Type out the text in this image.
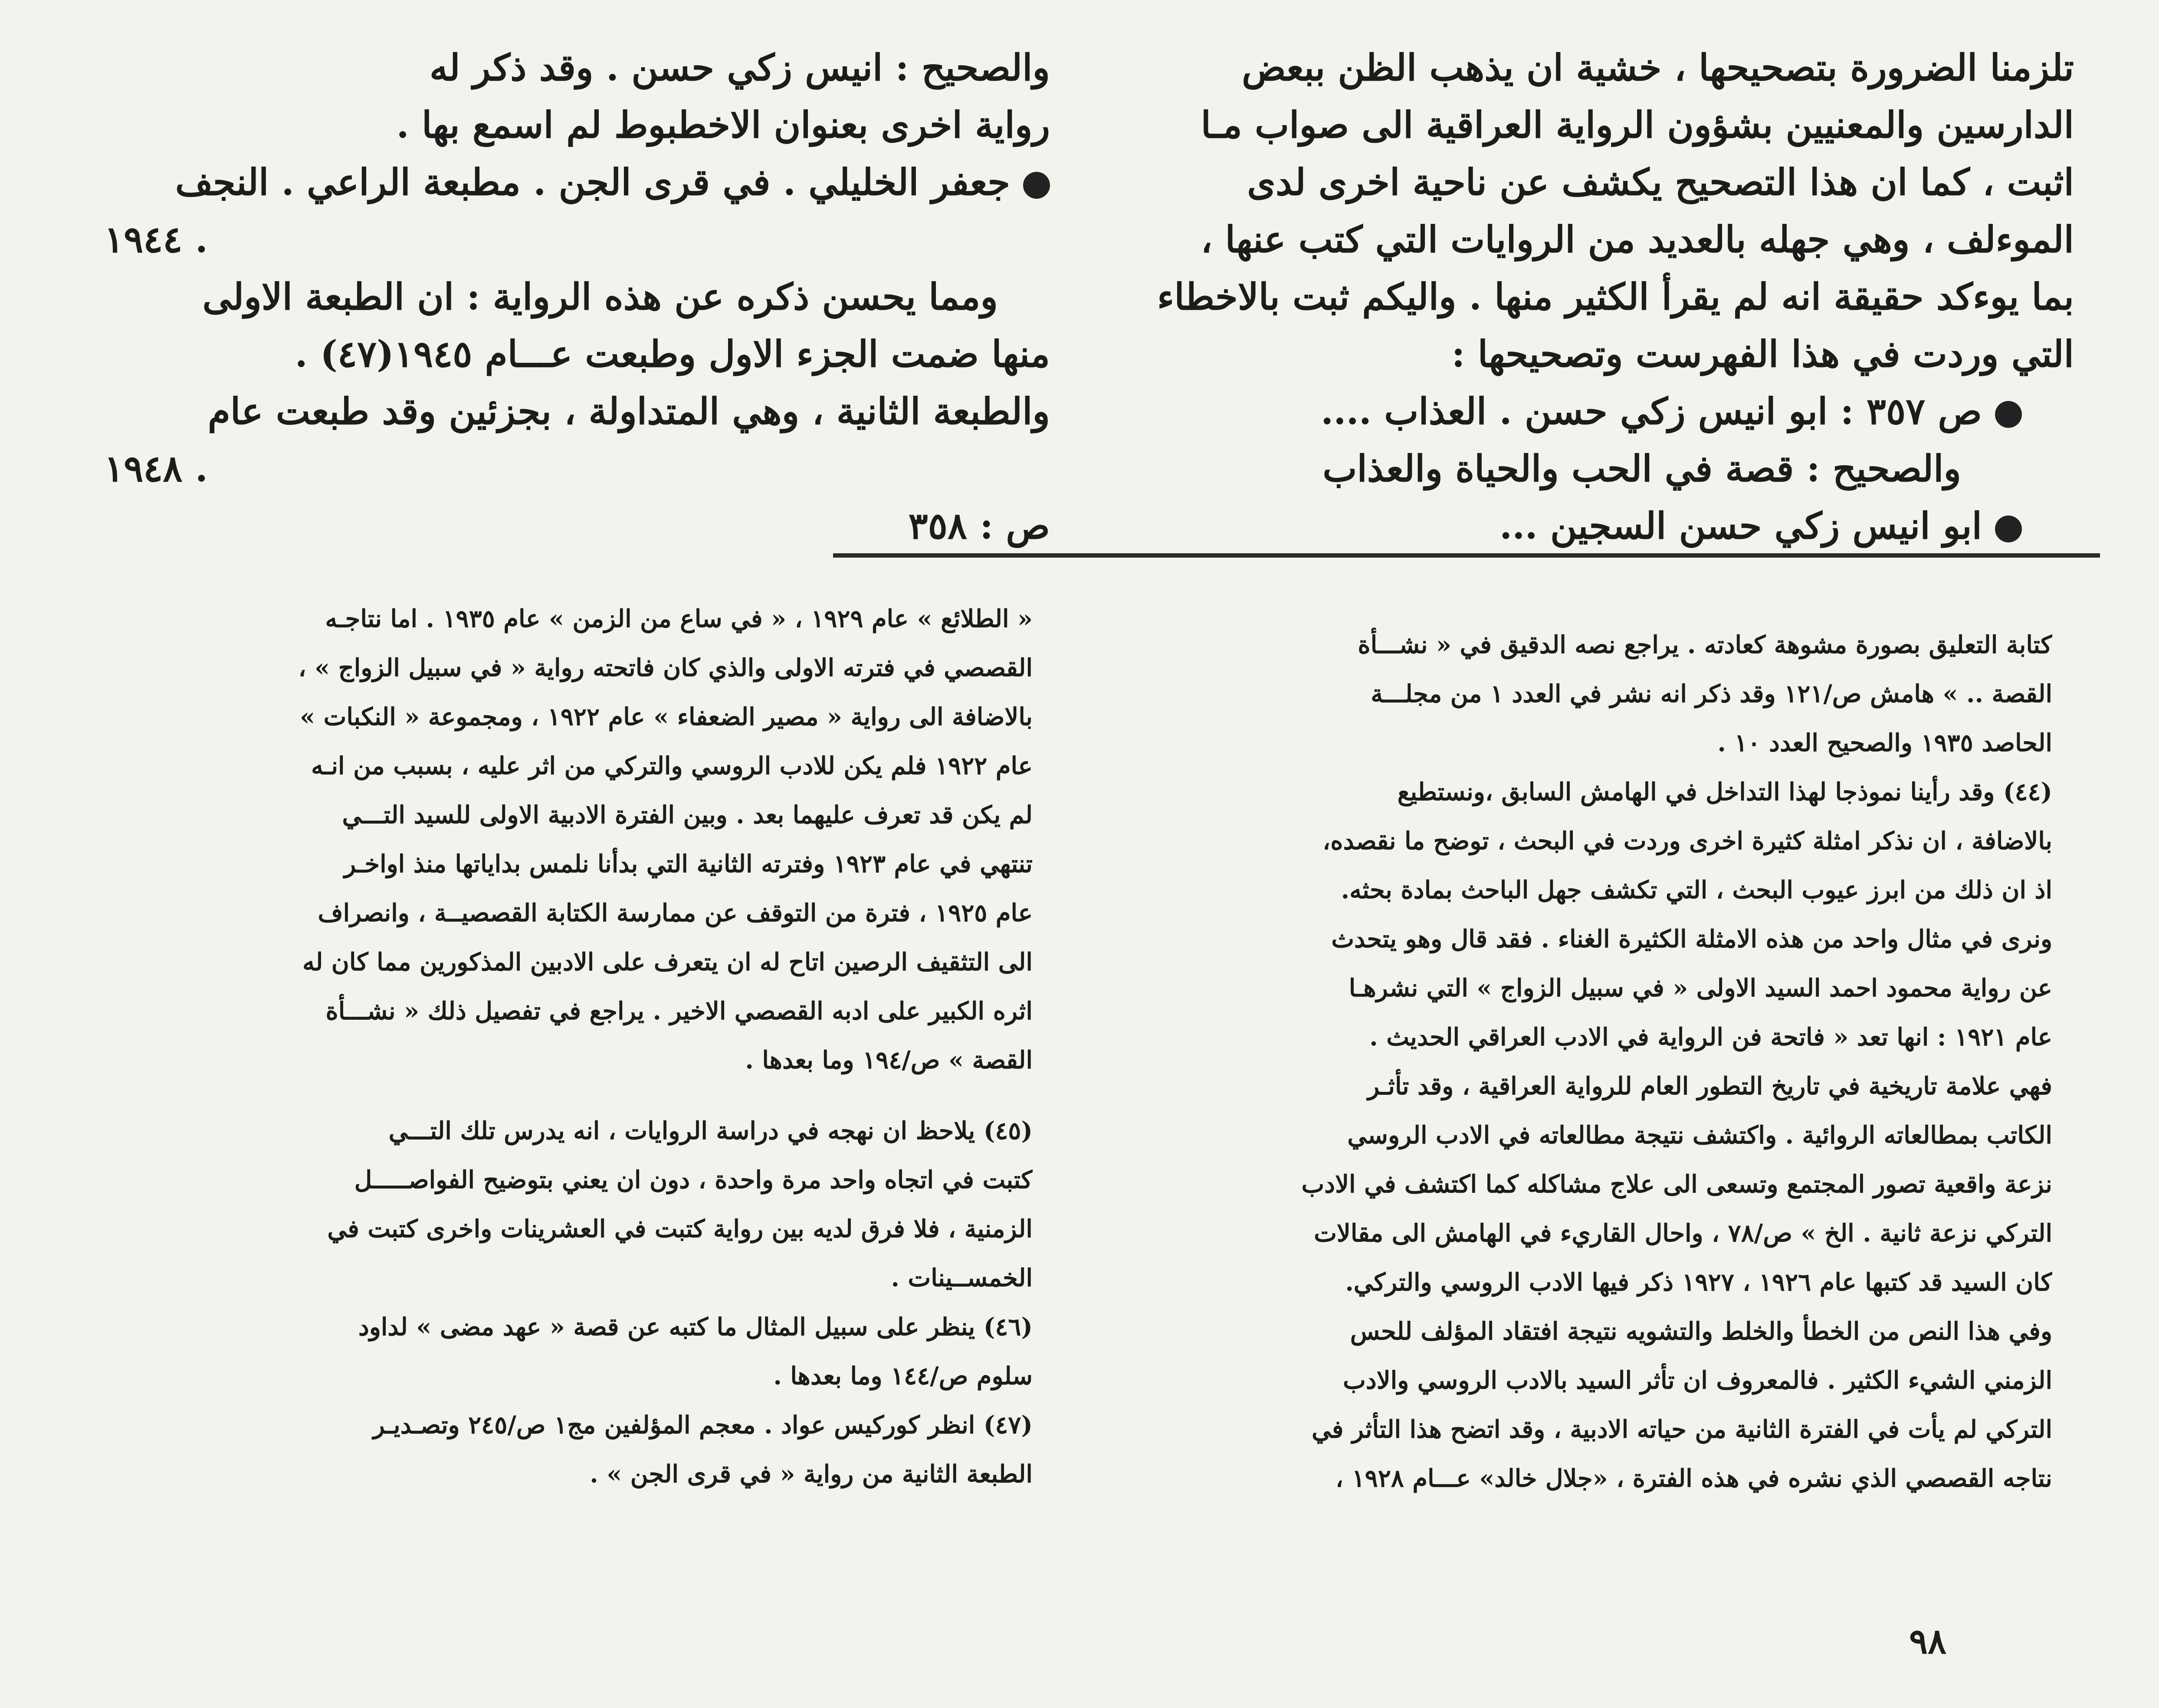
تلزمنا الضرورة بتصحيحها ، خشية ان يذهب الظن ببعض
الدارسين والمعنيين بشؤون الرواية العراقية الى صواب مـا
اثبت ، كما ان هذا التصحيح يكشف عن ناحية اخرى لدى
الموءلف ، وهي جهله بالعديد من الروايات التي كتب عنها ،
بما يوءكد حقيقة انه لم يقرأ الكثير منها . واليكم ثبت بالاخطاء
التي وردت في هذا الفهرست وتصحيحها :
ص ٣٥٧ : ابو انيس زكي حسن . العذاب ....
والصحيح : قصة في الحب والحياة والعذاب
ابو انيس زكي حسن السجين ...
والصحيح : انيس زكي حسن . وقد ذكر له
رواية اخرى بعنوان الاخطبوط لم اسمع بها .
جعفر الخليلي . في قرى الجن . مطبعة الراعي . النجف
١٩٤٤ .
ومما يحسن ذكره عن هذه الرواية : ان الطبعة الاولى
منها ضمت الجزء الاول وطبعت عـــام ١٩٤٥(٤٧) .
والطبعة الثانية ، وهي المتداولة ، بجزئين وقد طبعت عام
١٩٤٨ .
ص : ٣٥٨
كتابة التعليق بصورة مشوهة كعادته . يراجع نصه الدقيق في « نشـــأة
القصة .. » هامش ص/١٢١ وقد ذكر انه نشر في العدد ١ من مجلـــة
الحاصد ١٩٣٥ والصحيح العدد ١٠ .
(٤٤) وقد رأينا نموذجا لهذا التداخل في الهامش السابق ،ونستطيع
بالاضافة ، ان نذكر امثلة كثيرة اخرى وردت في البحث ، توضح ما نقصده،
اذ ان ذلك من ابرز عيوب البحث ، التي تكشف جهل الباحث بمادة بحثه.
ونرى في مثال واحد من هذه الامثلة الكثيرة الغناء . فقد قال وهو يتحدث
عن رواية محمود احمد السيد الاولى « في سبيل الزواج » التي نشرهـا
عام ١٩٢١ : انها تعد « فاتحة فن الرواية في الادب العراقي الحديث .
فهي علامة تاريخية في تاريخ التطور العام للرواية العراقية ، وقد تأثـر
الكاتب بمطالعاته الروائية . واكتشف نتيجة مطالعاته في الادب الروسي
نزعة واقعية تصور المجتمع وتسعى الى علاج مشاكله كما اكتشف في الادب
التركي نزعة ثانية . الخ » ص/٧٨ ، واحال القاريء في الهامش الى مقالات
كان السيد قد كتبها عام ١٩٢٦ ، ١٩٢٧ ذكر فيها الادب الروسي والتركي.
وفي هذا النص من الخطأ والخلط والتشويه نتيجة افتقاد المؤلف للحس
الزمني الشيء الكثير . فالمعروف ان تأثر السيد بالادب الروسي والادب
التركي لم يأت في الفترة الثانية من حياته الادبية ، وقد اتضح هذا التأثر في
نتاجه القصصي الذي نشره في هذه الفترة ، «جلال خالد» عـــام ١٩٢٨ ،
« الطلائع » عام ١٩٢٩ ، « في ساع من الزمن » عام ١٩٣٥ . اما نتاجـه
القصصي في فترته الاولى والذي كان فاتحته رواية « في سبيل الزواج » ،
بالاضافة الى رواية « مصير الضعفاء » عام ١٩٢٢ ، ومجموعة « النكبات »
عام ١٩٢٢ فلم يكن للادب الروسي والتركي من اثر عليه ، بسبب من انـه
لم يكن قد تعرف عليهما بعد . وبين الفترة الادبية الاولى للسيد التـــي
تنتهي في عام ١٩٢٣ وفترته الثانية التي بدأنا نلمس بداياتها منذ اواخـر
عام ١٩٢٥ ، فترة من التوقف عن ممارسة الكتابة القصصيــة ، وانصراف
الى التثقيف الرصين اتاح له ان يتعرف على الادبين المذكورين مما كان له
اثره الكبير على ادبه القصصي الاخير . يراجع في تفصيل ذلك « نشـــأة
القصة » ص/١٩٤ وما بعدها .
(٤٥) يلاحظ ان نهجه في دراسة الروايات ، انه يدرس تلك التـــي
كتبت في اتجاه واحد مرة واحدة ، دون ان يعني بتوضيح الفواصـــــل
الزمنية ، فلا فرق لديه بين رواية كتبت في العشرينات واخرى كتبت في
الخمســينات .
(٤٦) ينظر على سبيل المثال ما كتبه عن قصة « عهد مضى » لداود
سلوم ص/١٤٤ وما بعدها .
(٤٧) انظر كوركيس عواد . معجم المؤلفين مج١ ص/٢٤٥ وتصـديـر
الطبعة الثانية من رواية « في قرى الجن » .
٩٨
